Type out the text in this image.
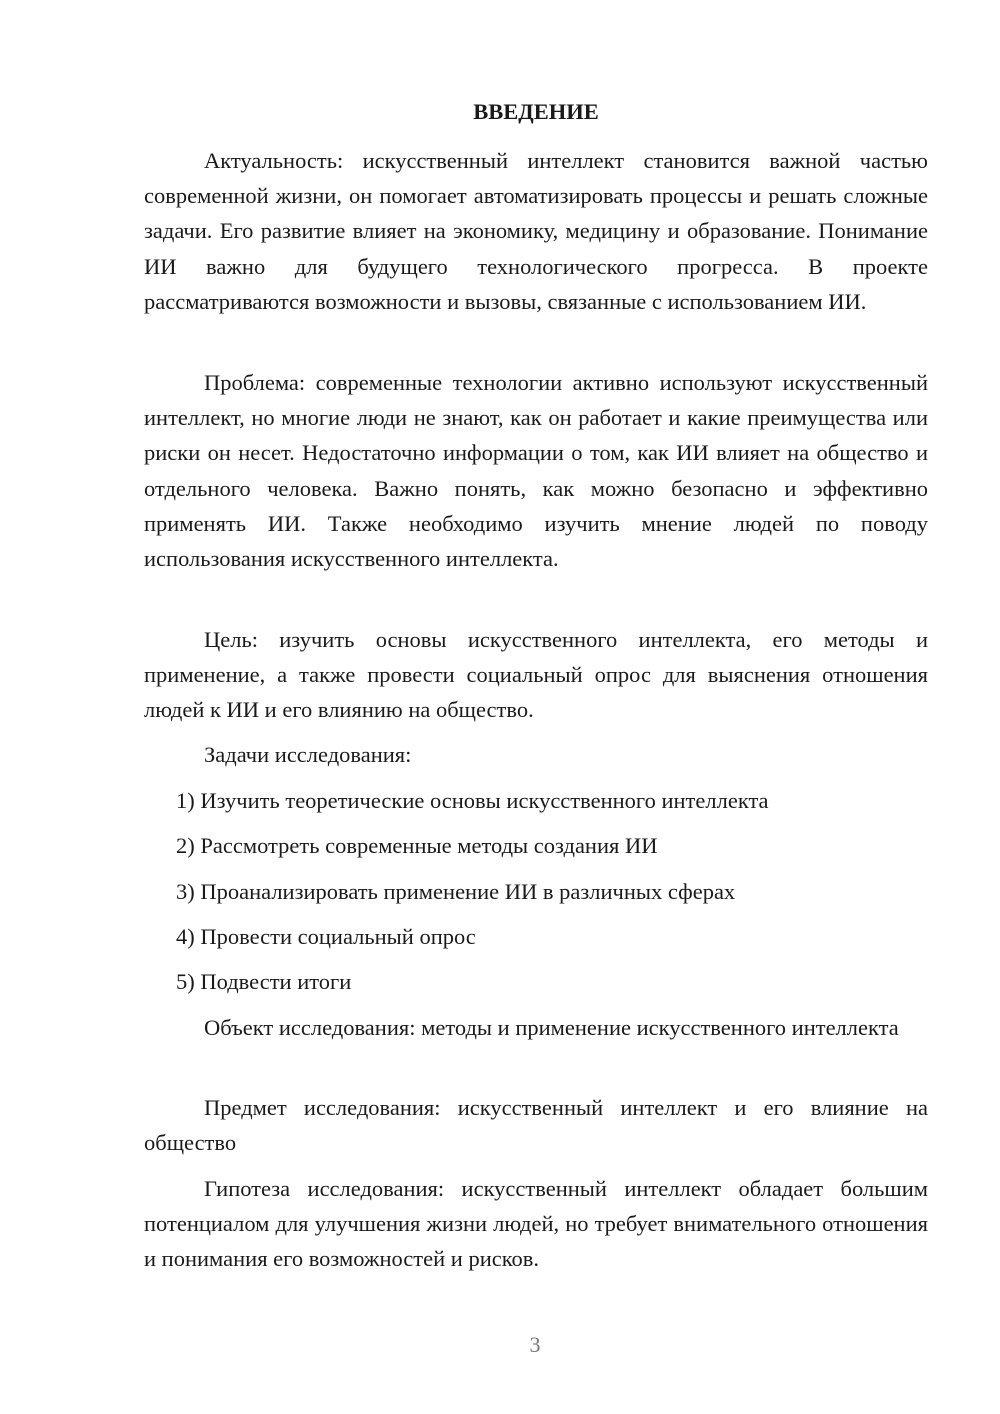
ВВЕДЕНИЕ

Актуальность: искусственный интеллект становится важной частью современной жизни, он помогает автоматизировать процессы и решать сложные задачи. Его развитие влияет на экономику, медицину и образование. Понимание ИИ важно для будущего технологического прогресса. В проекте рассматриваются возможности и вызовы, связанные с использованием ИИ.

Проблема: современные технологии активно используют искусственный интеллект, но многие люди не знают, как он работает и какие преимущества или риски он несет. Недостаточно информации о том, как ИИ влияет на общество и отдельного человека. Важно понять, как можно безопасно и эффективно применять ИИ. Также необходимо изучить мнение людей по поводу использования искусственного интеллекта.

Цель: изучить основы искусственного интеллекта, его методы и применение, а также провести социальный опрос для выяснения отношения людей к ИИ и его влиянию на общество.

Задачи исследования:
1) Изучить теоретические основы искусственного интеллекта
2) Рассмотреть современные методы создания ИИ
3) Проанализировать применение ИИ в различных сферах
4) Провести социальный опрос
5) Подвести итоги

Объект исследования: методы и применение искусственного интеллекта

Предмет исследования: искусственный интеллект и его влияние на общество

Гипотеза исследования: искусственный интеллект обладает большим потенциалом для улучшения жизни людей, но требует внимательного отношения и понимания его возможностей и рисков.

3
